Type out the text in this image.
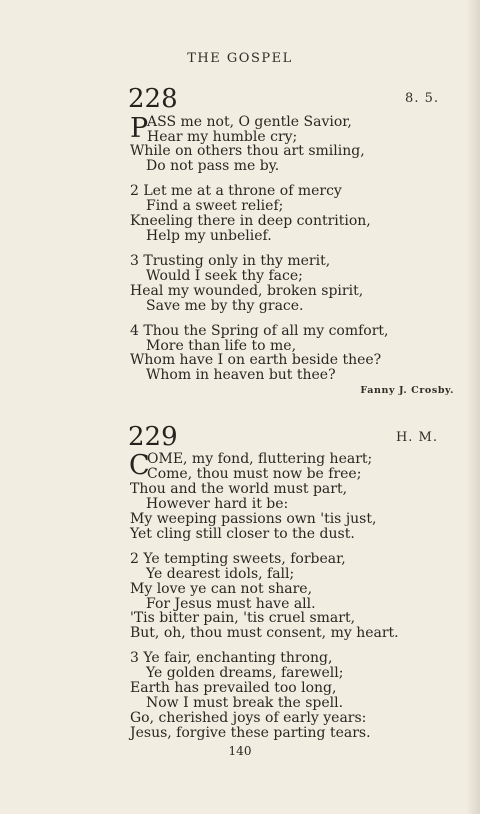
THE GOSPEL
228	8. 5.
P
ASS me not, O gentle Savior,
Hear my humble cry;
While on others thou art smiling,
Do not pass me by.
2 Let me at a throne of mercy
Find a sweet relief;
Kneeling there in deep contrition,
Help my unbelief.
3 Trusting only in thy merit,
Would I seek thy face;
Heal my wounded, broken spirit,
Save me by thy grace.
4 Thou the Spring of all my comfort,
More than life to me,
Whom have I on earth beside thee?
Whom in heaven but thee?
Fanny J. Crosby.
229	H. M.
C
OME, my fond, fluttering heart;
Come, thou must now be free;
Thou and the world must part,
However hard it be:
My weeping passions own 'tis just,
Yet cling still closer to the dust.
2 Ye tempting sweets, forbear,
Ye dearest idols, fall;
My love ye can not share,
For Jesus must have all.
'Tis bitter pain, 'tis cruel smart,
But, oh, thou must consent, my heart.
3 Ye fair, enchanting throng,
Ye golden dreams, farewell;
Earth has prevailed too long,
Now I must break the spell.
Go, cherished joys of early years:
Jesus, forgive these parting tears.
140
